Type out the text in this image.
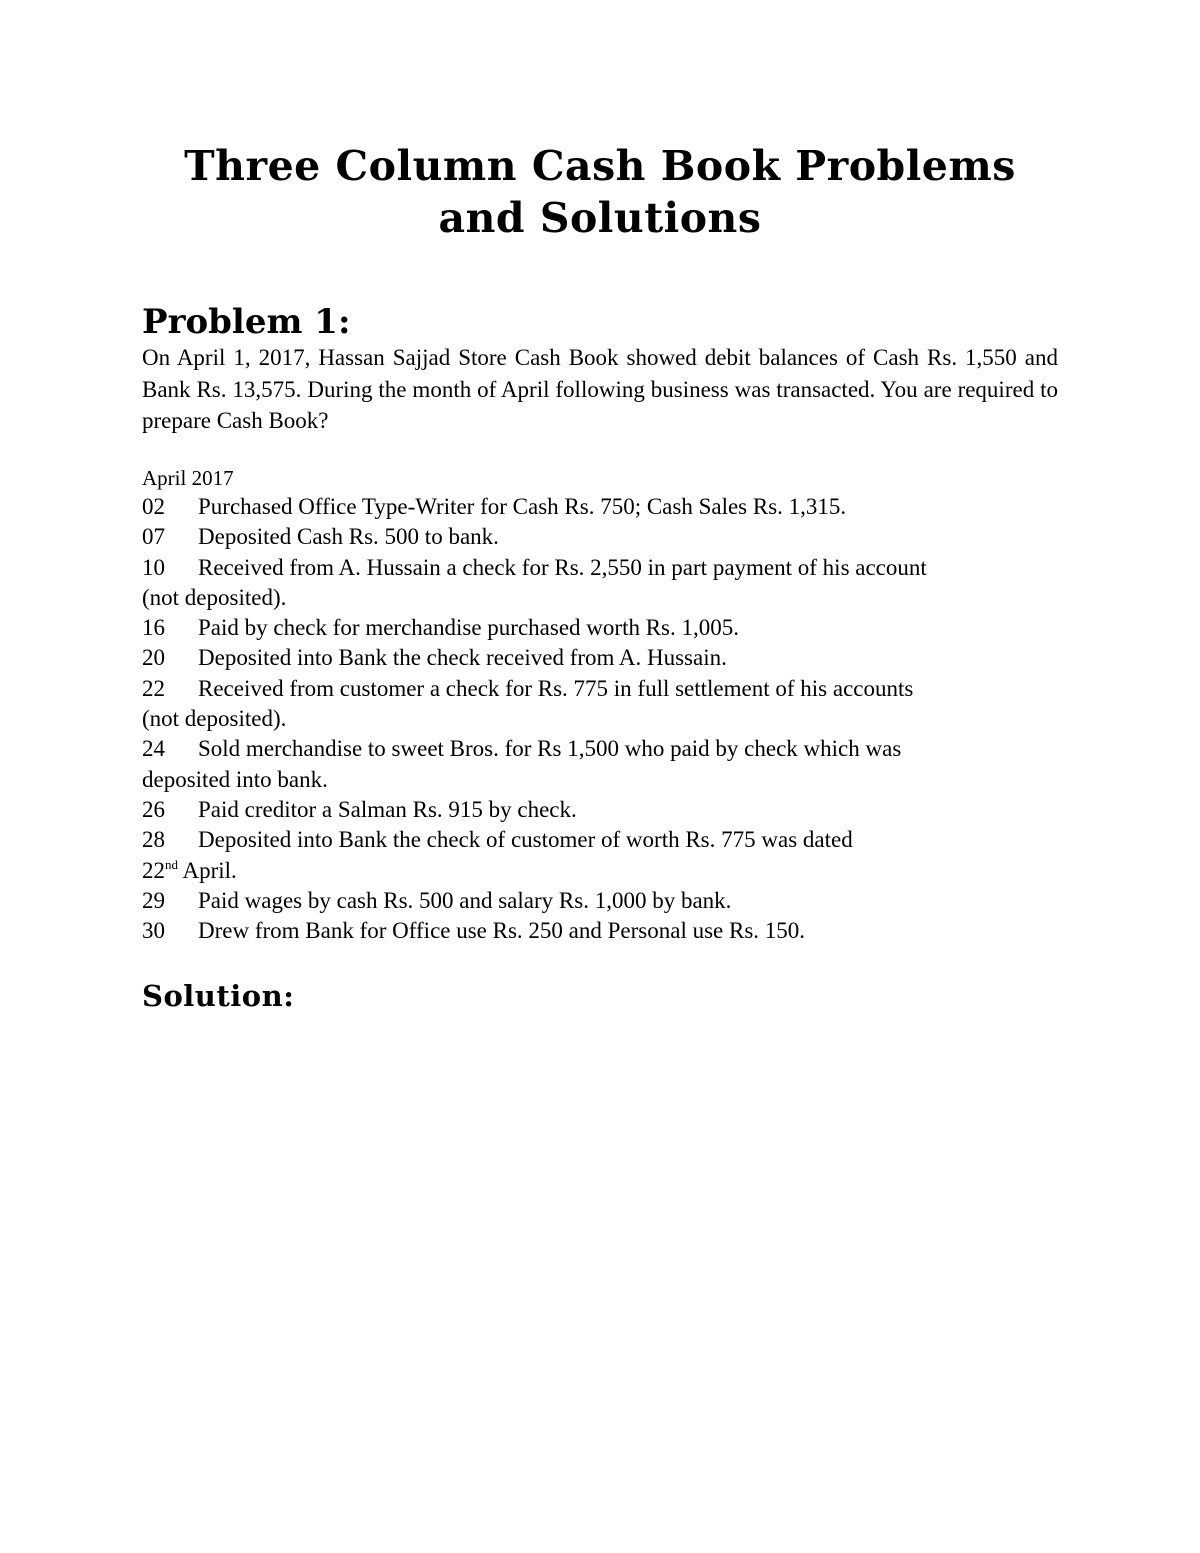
Three Column Cash Book Problems and Solutions
Problem 1:

On April 1, 2017, Hassan Sajjad Store Cash Book showed debit balances of Cash Rs. 1,550 and Bank Rs. 13,575. During the month of April following business was transacted. You are required to prepare Cash Book?

April 2017

02 Purchased Office Type-Writer for Cash Rs. 750; Cash Sales Rs. 1,315.
07 Deposited Cash Rs. 500 to bank.
10 Received from A. Hussain a check for Rs. 2,550 in part payment of his account
(not deposited).
16 Paid by check for merchandise purchased worth Rs. 1,005.
20 Deposited into Bank the check received from A. Hussain.
22 Received from customer a check for Rs. 775 in full settlement of his accounts
(not deposited).
24 Sold merchandise to sweet Bros. for Rs 1,500 who paid by check which was
deposited into bank.
26 Paid creditor a Salman Rs. 915 by check.
28 Deposited into Bank the check of customer of worth Rs. 775 was dated
22nd April.
29 Paid wages by cash Rs. 500 and salary Rs. 1,000 by bank.
30 Drew from Bank for Office use Rs. 250 and Personal use Rs. 150.
Solution:
